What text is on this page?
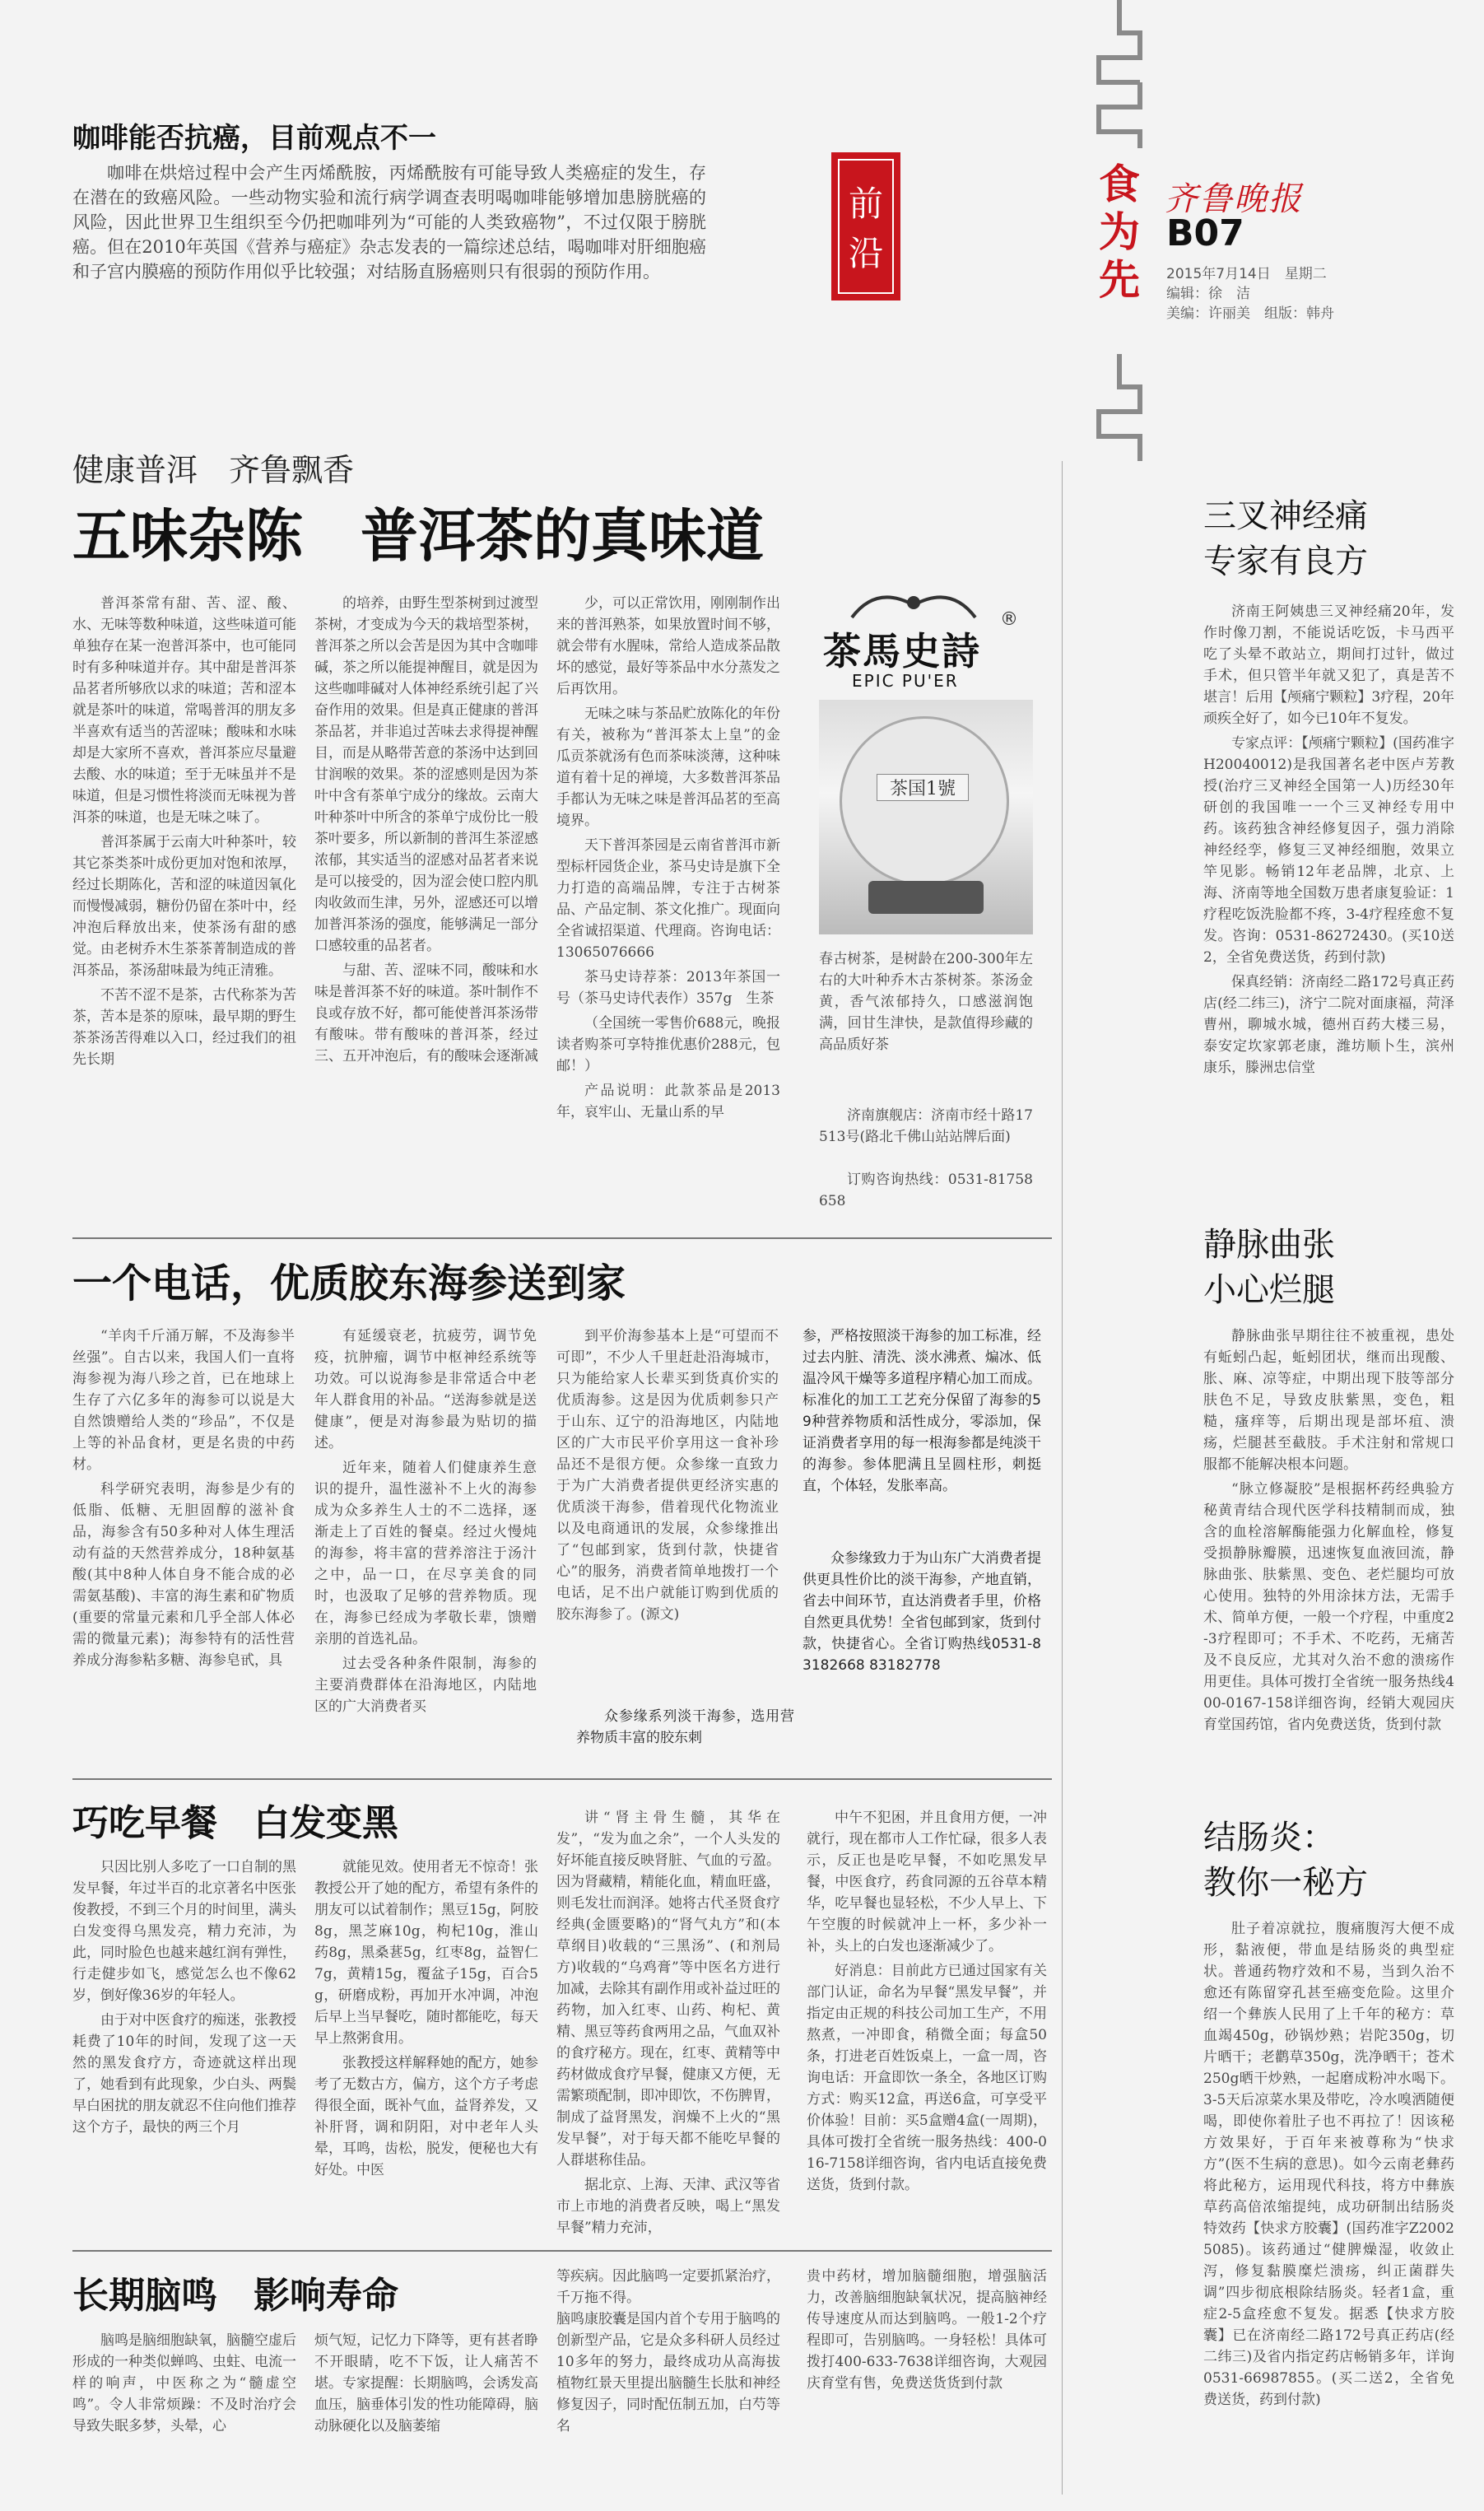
食为先
齐鲁晚报
B07
2015年7月14日　星期二
编辑：徐　洁
美编：许丽美　组版：韩舟
前
沿
咖啡能否抗癌，目前观点不一
咖啡在烘焙过程中会产生丙烯酰胺，丙烯酰胺有可能导致人类癌症的发生，存在潜在的致癌风险。一些动物实验和流行病学调查表明喝咖啡能够增加患膀胱癌的风险，因此世界卫生组织至今仍把咖啡列为“可能的人类致癌物”，不过仅限于膀胱癌。但在2010年英国《营养与癌症》杂志发表的一篇综述总结，喝咖啡对肝细胞癌和子宫内膜癌的预防作用似乎比较强；对结肠直肠癌则只有很弱的预防作用。
健康普洱　齐鲁飘香
五味杂陈　普洱茶的真味道

普洱茶常有甜、苦、涩、酸、水、无味等数种味道，这些味道可能单独存在某一泡普洱茶中，也可能同时有多种味道并存。其中甜是普洱茶品茗者所够欣以求的味道；苦和涩本就是茶叶的味道，常喝普洱的朋友多半喜欢有适当的苦涩味；酸味和水味却是大家所不喜欢，普洱茶应尽量避去酸、水的味道；至于无味虽并不是味道，但是习惯性将淡而无味视为普洱茶的味道，也是无味之味了。

普洱茶属于云南大叶种茶叶，较其它茶类茶叶成份更加对饱和浓厚，经过长期陈化，苦和涩的味道因氧化而慢慢减弱，糖份仍留在茶叶中，经冲泡后释放出来，使茶汤有甜的感觉。由老树乔木生茶茶菁制造成的普洱茶品，茶汤甜味最为纯正清雅。

不苦不涩不是茶，古代称茶为苦茶，苦本是茶的原味，最早期的野生茶茶汤苦得难以入口，经过我们的祖先长期

的培养，由野生型茶树到过渡型茶树，才变成为今天的栽培型茶树，普洱茶之所以会苦是因为其中含咖啡碱，茶之所以能提神醒目，就是因为这些咖啡碱对人体神经系统引起了兴奋作用的效果。但是真正健康的普洱茶品茗，并非追过苦味去求得提神醒目，而是从略带苦意的茶汤中达到回甘润喉的效果。茶的涩感则是因为茶叶中含有茶单宁成分的缘故。云南大叶种茶叶中所含的茶单宁成份比一般茶叶要多，所以新制的普洱生茶涩感浓郁，其实适当的涩感对品茗者来说是可以接受的，因为涩会使口腔内肌肉收敛而生津，另外，涩感还可以增加普洱茶汤的强度，能够满足一部分口感较重的品茗者。

与甜、苦、涩味不同，酸味和水味是普洱茶不好的味道。茶叶制作不良或存放不好，都可能使普洱茶汤带有酸味。带有酸味的普洱茶，经过三、五开冲泡后，有的酸味会逐渐减

少，可以正常饮用，刚刚制作出来的普洱熟茶，如果放置时间不够，就会带有水腥味，常给人造成茶品散坏的感觉，最好等茶品中水分蒸发之后再饮用。

无味之味与茶品贮放陈化的年份有关，被称为“普洱茶太上皇”的金瓜贡茶就汤有色而茶味淡薄，这种味道有着十足的禅境，大多数普洱茶品手都认为无味之味是普洱品茗的至高境界。

天下普洱茶园是云南省普洱市新型标杆园货企业，茶马史诗是旗下全力打造的高端品牌，专注于古树茶品、产品定制、茶文化推广。现面向全省诚招渠道、代理商。咨询电话：13065076666

茶马史诗荐茶：2013年茶国一号（茶马史诗代表作）357g　生茶

（全国统一零售价688元，晚报读者购茶可享特推优惠价288元，包邮！）

产品说明：此款茶品是2013年，哀牢山、无量山系的早

茶馬史詩
®
EPIC PU'ER
茶国1號
春古树茶，是树龄在200-300年左右的大叶种乔木古茶树茶。茶汤金黄，香气浓郁持久，口感滋润饱满，回甘生津快，是款值得珍藏的高品质好茶
济南旗舰店：济南市经十路17513号(路北千佛山站站牌后面)
订购咨询热线：0531-81758658
一个电话，优质胶东海参送到家

“羊肉千斤涌万解，不及海参半丝强”。自古以来，我国人们一直将海参视为海八珍之首，已在地球上生存了六亿多年的海参可以说是大自然馈赠给人类的“珍品”，不仅是上等的补品食材，更是名贵的中药材。

科学研究表明，海参是少有的低脂、低糖、无胆固醇的滋补食品，海参含有50多种对人体生理活动有益的天然营养成分，18种氨基酸(其中8种人体自身不能合成的必需氨基酸)、丰富的海生素和矿物质(重要的常量元素和几乎全部人体必需的微量元素)；海参特有的活性营养成分海参粘多糖、海参皂甙，具

有延缓衰老，抗疲劳，调节免疫，抗肿瘤，调节中枢神经系统等功效。可以说海参是非常适合中老年人群食用的补品。“送海参就是送健康”，便是对海参最为贴切的描述。

近年来，随着人们健康养生意识的提升，温性滋补不上火的海参成为众多养生人士的不二选择，逐渐走上了百姓的餐桌。经过火慢炖的海参，将丰富的营养溶注于汤汁之中，品一口，在尽享美食的同时，也汲取了足够的营养物质。现在，海参已经成为孝敬长辈，馈赠亲朋的首选礼品。

过去受各种条件限制，海参的主要消费群体在沿海地区，内陆地区的广大消费者买

到平价海参基本上是“可望而不可即”，不少人千里赶赴沿海城市，只为能给家人长辈买到货真价实的优质海参。这是因为优质刺参只产于山东、辽宁的沿海地区，内陆地区的广大市民平价享用这一食补珍品还不是很方便。众参缘一直致力于为广大消费者提供更经济实惠的优质淡干海参，借着现代化物流业以及电商通讯的发展，众参缘推出了“包邮到家，货到付款，快捷省心”的服务，消费者简单地拨打一个电话，足不出户就能订购到优质的胶东海参了。(源文)

参，严格按照淡干海参的加工标准，经过去内脏、清洗、淡水沸煮、煸冰、低温冷风干燥等多道程序精心加工而成。标准化的加工工艺充分保留了海参的59种营养物质和活性成分，零添加，保证消费者享用的每一根海参都是纯淡干的海参。参体肥满且呈圆柱形，刺挺直，个体轻，发胀率高。
众参缘致力于为山东广大消费者提供更具性价比的淡干海参，产地直销，省去中间环节，直达消费者手里，价格自然更具优势！全省包邮到家，货到付款，快捷省心。全省订购热线0531-83182668 83182778
众参缘系列淡干海参，选用营养物质丰富的胶东刺
巧吃早餐　白发变黑

只因比别人多吃了一口自制的黑发早餐，年过半百的北京著名中医张俊教授，不到三个月的时间里，满头白发变得乌黑发亮，精力充沛，为此，同时脸色也越来越红润有弹性，行走健步如飞，感觉怎么也不像62岁，倒好像36岁的年轻人。

由于对中医食疗的痴迷，张教授耗费了10年的时间，发现了这一天然的黑发食疗方，奇迹就这样出现了，她看到有此现象，少白头、两鬓早白困扰的朋友就忍不住向他们推荐这个方子，最快的两三个月

就能见效。使用者无不惊奇！张教授公开了她的配方，希望有条件的朋友可以试着制作；黑豆15g，阿胶8g，黑芝麻10g，枸杞10g，淮山药8g，黑桑葚5g，红枣8g，益智仁7g，黄精15g，覆盆子15g，百合5g，研磨成粉，再加开水冲调，冲泡后早上当早餐吃，随时都能吃，每天早上熬粥食用。

张教授这样解释她的配方，她参考了无数古方，偏方，这个方子考虑得很全面，既补气血，益肾养发，又补肝肾，调和阴阳，对中老年人头晕，耳鸣，齿松，脱发，便秘也大有好处。中医

讲“肾主骨生髓，其华在发”，“发为血之余”，一个人头发的好坏能直接反映肾脏、气血的亏盈。因为肾藏精，精能化血，精血旺盛，则毛发壮而润泽。她将古代圣贤食疗经典(金匮要略)的“肾气丸方”和(本草纲目)收载的“三黑汤”、(和剂局方)收载的“乌鸡膏”等中医名方进行加减，去除其有副作用或补益过旺的药物，加入红枣、山药、枸杞、黄精、黑豆等药食两用之品，气血双补的食疗秘方。现在，红枣、黄精等中药材做成食疗早餐，健康又方便，无需繁琐配制，即冲即饮，不伤脾胃，制成了益肾黑发，润燥不上火的“黑发早餐”，对于每天都不能吃早餐的人群堪称佳品。

据北京、上海、天津、武汉等省市上市地的消费者反映，喝上“黑发早餐”精力充沛，

中午不犯困，并且食用方便，一冲就行，现在都市人工作忙碌，很多人表示，反正也是吃早餐，不如吃黑发早餐，中医食疗，药食同源的五谷草本精华，吃早餐也显轻松，不少人早上、下午空腹的时候就冲上一杯，多少补一补，头上的白发也逐渐减少了。

好消息：目前此方已通过国家有关部门认证，命名为早餐“黑发早餐”，并指定由正规的科技公司加工生产，不用熬煮，一冲即食，稍微全面；每盒50条，打进老百姓饭桌上，一盒一周，咨询电话：开盒即饮一条全，各地区订购方式：购买12盒，再送6盒，可享受平价体验！目前：买5盒赠4盒(一周期)，具体可拨打全省统一服务热线：400-016-7158详细咨询，省内电话直接免费送货，货到付款。

长期脑鸣　影响寿命
脑鸣是脑细胞缺氧，脑髓空虚后形成的一种类似蝉鸣、虫蛀、电流一样的响声，中医称之为“髓虚空鸣”。令人非常烦躁：不及时治疗会导致失眠多梦，头晕，心
烦气短，记忆力下降等，更有甚者睁不开眼睛，吃不下饭，让人痛苦不堪。专家提醒：长期脑鸣，会诱发高血压，脑垂体引发的性功能障碍，脑动脉硬化以及脑萎缩
等疾病。因此脑鸣一定要抓紧治疗，千万拖不得。
脑鸣康胶囊是国内首个专用于脑鸣的创新型产品，它是众多科研人员经过10多年的努力，最终成功从高海拔植物红景天里提出脑髓生长肽和神经修复因子，同时配伍制五加，白芍等名
贵中药材，增加脑髓细胞，增强脑活力，改善脑细胞缺氧状况，提高脑神经传导速度从而达到脑鸣。一般1-2个疗程即可，告别脑鸣。一身轻松！具体可拨打400-633-7638详细咨询，大观园庆育堂有售，免费送货货到付款
三叉神经痛
专家有良方

济南王阿姨患三叉神经痛20年，发作时像刀割，不能说话吃饭，卡马西平吃了头晕不敢站立，期间打过针，做过手术，但只管半年就又犯了，真是苦不堪言！后用【颅痛宁颗粒】3疗程，20年顽疾全好了，如今已10年不复发。

专家点评：【颅痛宁颗粒】(国药准字H20040012)是我国著名老中医卢芳教授(治疗三叉神经全国第一人)历经30年研创的我国唯一一个三叉神经专用中药。该药独含神经修复因子，强力消除神经经孪，修复三叉神经细胞，效果立竿见影。畅销12年老品牌，北京、上海、济南等地全国数万患者康复验证：1疗程吃饭洗脸都不疼，3-4疗程痊愈不复发。咨询：0531-86272430。(买10送2，全省免费送货，药到付款)

保真经销：济南经二路172号真正药店(经二纬三)，济宁二院对面康福，菏泽曹州，聊城水城，德州百药大楼三易，泰安定坎家郭老康，潍坊顺卜生，滨州康乐，滕洲忠信堂

静脉曲张
小心烂腿

静脉曲张早期往往不被重视，患处有蚯蚓凸起，蚯蚓团状，继而出现酸、胀、麻、凉等症，中期出现下肢等部分肤色不足，导致皮肤紫黑，变色，粗糙，瘙痒等，后期出现是部坏疽、溃疡，烂腿甚至截肢。手术注射和常规口服都不能解决根本问题。

“脉立修凝胶”是根据杯药经典验方秘黄青结合现代医学科技精制而成，独含的血栓溶解酶能强力化解血栓，修复受损静脉瓣膜，迅速恢复血液回流，静脉曲张、肤紫黑、变色、老烂腿均可放心使用。独特的外用涂抹方法，无需手术、简单方便，一般一个疗程，中重度2-3疗程即可；不手术、不吃药，无痛苦及不良反应，尤其对久治不愈的溃疡作用更佳。具体可拨打全省统一服务热线400-0167-158详细咨询，经销大观园庆育堂国药馆，省内免费送货，货到付款

结肠炎：
教你一秘方

肚子着凉就拉，腹痛腹泻大便不成形，黏液便，带血是结肠炎的典型症状。普通药物疗效和不易，当到久治不愈还有陈留穿孔甚至癌变危险。这里介绍一个彝族人民用了上千年的秘方：草血竭450g，砂锅炒熟；岩陀350g，切片晒干；老鹳草350g，洗净晒干；苍术250g晒干炒熟，一起磨成粉冲水喝下。3-5天后凉菜水果及带吃，冷水嗅洒随便喝，即使你着肚子也不再拉了！因该秘方效果好，于百年来被尊称为“快求方”(医不生病的意思)。如今云南老彝药将此秘方，运用现代科技，将方中彝族草药高倍浓缩提纯，成功研制出结肠炎特效药【快求方胶囊】(国药准字Z20025085)。该药通过“健脾燥湿，收敛止泻，修复黏膜糜烂溃疡，纠正菌群失调”四步彻底根除结肠炎。轻者1盒，重症2-5盒痊愈不复发。据悉【快求方胶囊】已在济南经二路172号真正药店(经二纬三)及省内指定药店畅销多年，详询0531-66987855。(买二送2，全省免费送货，药到付款)
